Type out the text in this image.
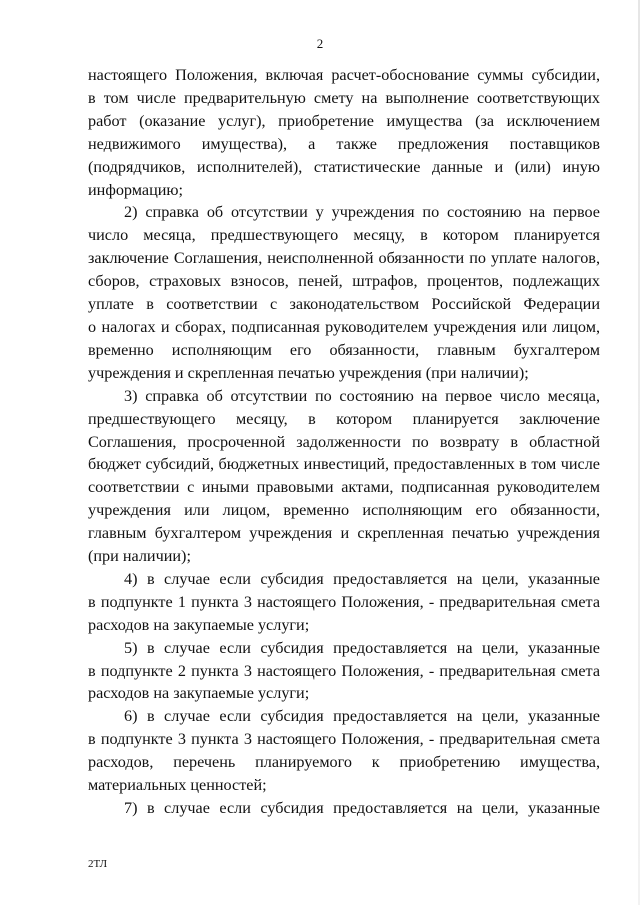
2

настоящего Положения, включая расчет-обоснование суммы субсидии,
в том числе предварительную смету на выполнение соответствующих
работ (оказание услуг), приобретение имущества (за исключением
недвижимого имущества), а также предложения поставщиков
(подрядчиков, исполнителей), статистические данные и (или) иную
информацию;

2) справка об отсутствии у учреждения по состоянию на первое
число месяца, предшествующего месяцу, в котором планируется
заключение Соглашения, неисполненной обязанности по уплате налогов,
сборов, страховых взносов, пеней, штрафов, процентов, подлежащих
уплате в соответствии с законодательством Российской Федерации
о налогах и сборах, подписанная руководителем учреждения или лицом,
временно исполняющим его обязанности, главным бухгалтером
учреждения и скрепленная печатью учреждения (при наличии);

3) справка об отсутствии по состоянию на первое число месяца,
предшествующего месяцу, в котором планируется заключение
Соглашения, просроченной задолженности по возврату в областной
бюджет субсидий, бюджетных инвестиций, предоставленных в том числе
соответствии с иными правовыми актами, подписанная руководителем
учреждения или лицом, временно исполняющим его обязанности,
главным бухгалтером учреждения и скрепленная печатью учреждения
(при наличии);

4) в случае если субсидия предоставляется на цели, указанные
в подпункте 1 пункта 3 настоящего Положения, - предварительная смета
расходов на закупаемые услуги;

5) в случае если субсидия предоставляется на цели, указанные
в подпункте 2 пункта 3 настоящего Положения, - предварительная смета
расходов на закупаемые услуги;

6) в случае если субсидия предоставляется на цели, указанные
в подпункте 3 пункта 3 настоящего Положения, - предварительная смета
расходов, перечень планируемого к приобретению имущества,
материальных ценностей;

7) в случае если субсидия предоставляется на цели, указанные

2ТЛ
